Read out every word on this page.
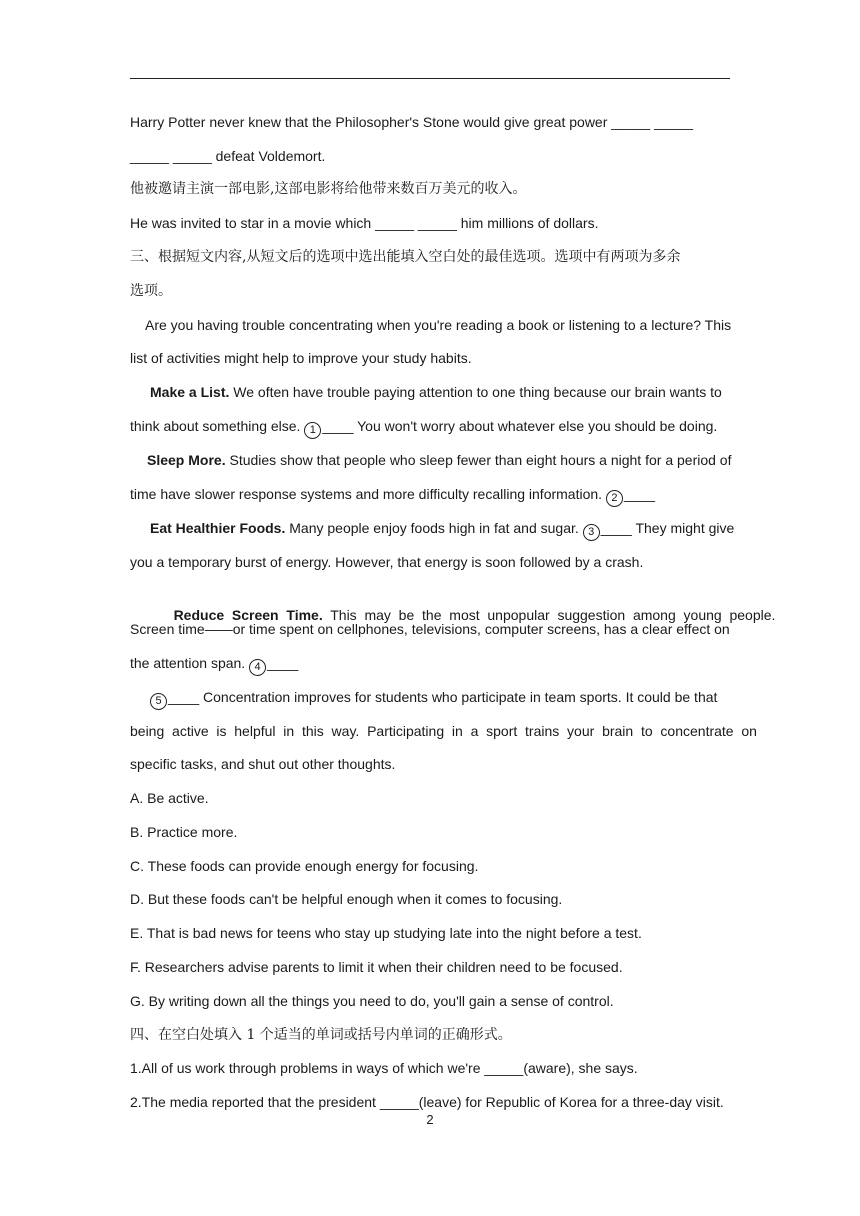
Harry Potter never knew that the Philosopher's Stone would give great power _____ _____
_____ _____ defeat Voldemort.
他被邀请主演一部电影,这部电影将给他带来数百万美元的收入。
He was invited to star in a movie which _____ _____ him millions of dollars.
三、根据短文内容,从短文后的选项中选出能填入空白处的最佳选项。选项中有两项为多余
选项。
Are you having trouble concentrating when you're reading a book or listening to a lecture? This
list of activities might help to improve your study habits.
Make a List. We often have trouble paying attention to one thing because our brain wants to
think about something else. 1 ____ You won't worry about whatever else you should be doing.
Sleep More. Studies show that people who sleep fewer than eight hours a night for a period of
time have slower response systems and more difficulty recalling information. 2 ____
Eat Healthier Foods. Many people enjoy foods high in fat and sugar. 3 ____ They might give
you a temporary burst of energy. However, that energy is soon followed by a crash.

Reduce  Screen  Time.  This  may  be  the  most  unpopular  suggestion  among  young  people.

Screen time——or time spent on cellphones, televisions, computer screens, has a clear effect on
the attention span. 4 ____
5 ____ Concentration improves for students who participate in team sports. It could be that
being  active  is  helpful  in  this  way.  Participating  in  a  sport  trains  your  brain  to  concentrate  on
specific tasks, and shut out other thoughts.
A. Be active.
B. Practice more.
C. These foods can provide enough energy for focusing.
D. But these foods can't be helpful enough when it comes to focusing.
E. That is bad news for teens who stay up studying late into the night before a test.
F. Researchers advise parents to limit it when their children need to be focused.
G. By writing down all the things you need to do, you'll gain a sense of control.
四、在空白处填入 1 个适当的单词或括号内单词的正确形式。
1.All of us work through problems in ways of which we're _____(aware), she says.
2.The media reported that the president _____(leave) for Republic of Korea for a three-day visit.
2
